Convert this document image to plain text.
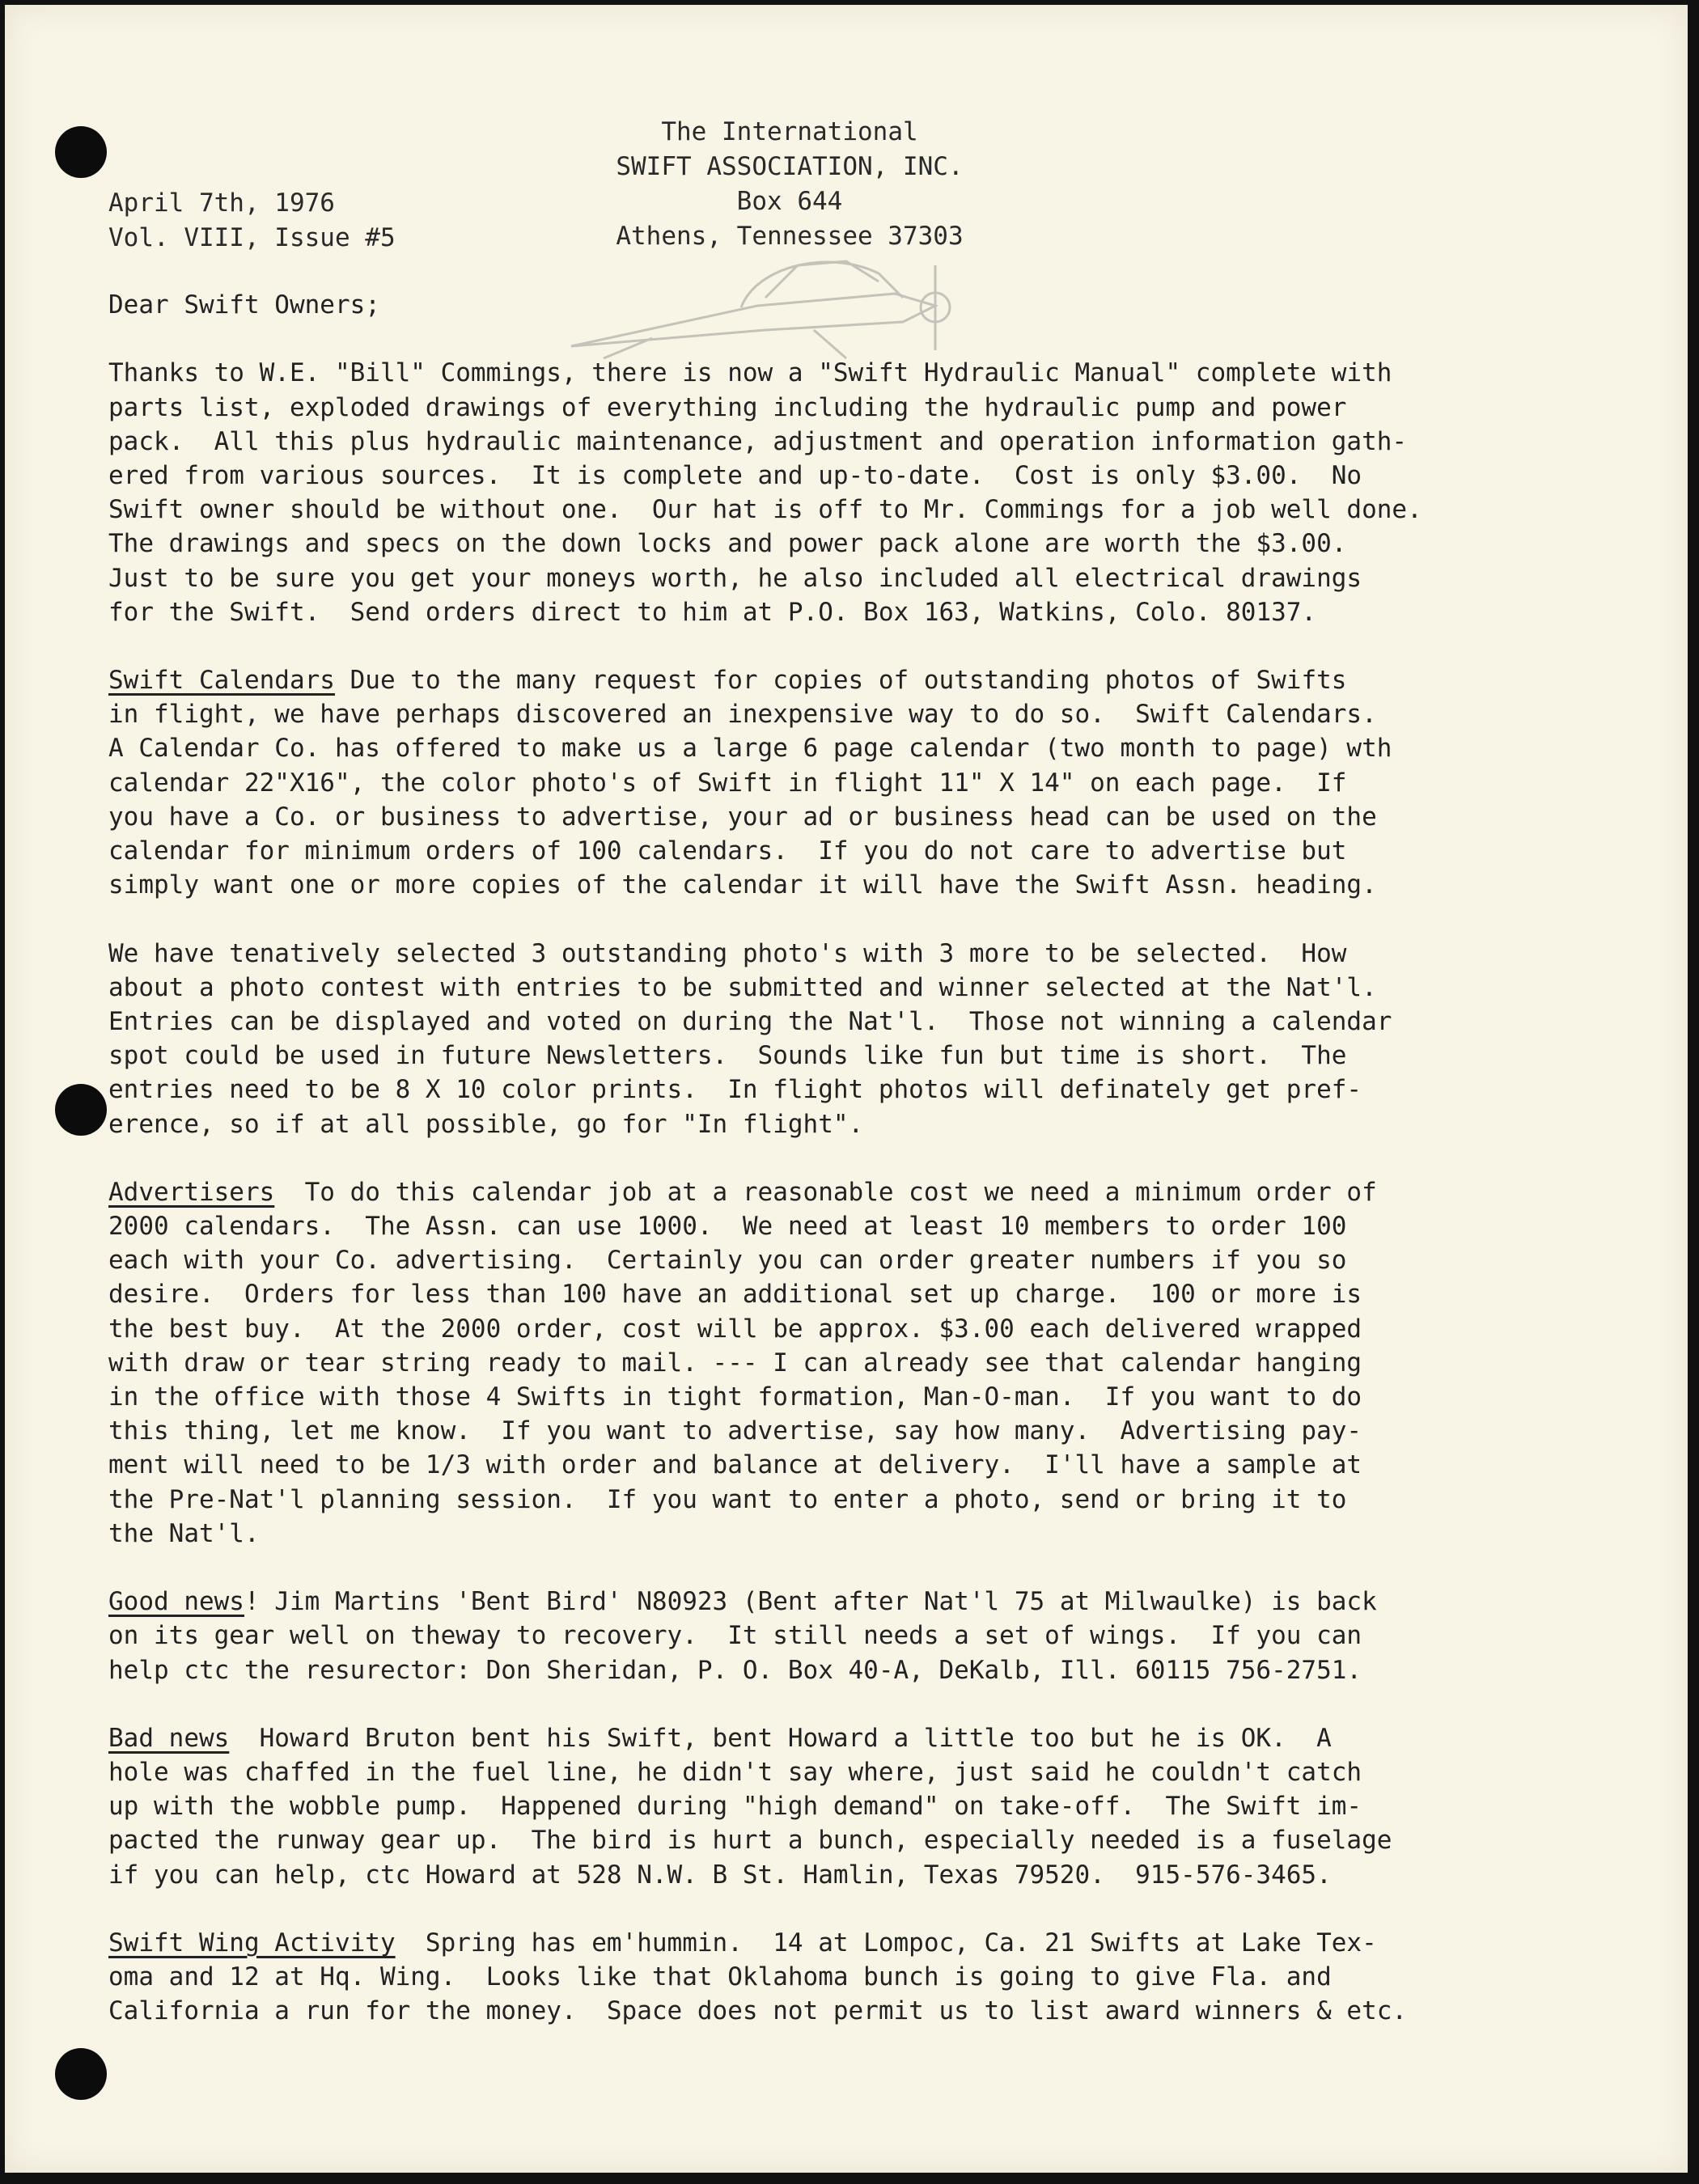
The International
SWIFT ASSOCIATION, INC.
Box 644
Athens, Tennessee 37303
April 7th, 1976
Vol. VIII, Issue #5
Dear Swift Owners;
Thanks to W.E. "Bill" Commings, there is now a "Swift Hydraulic Manual" complete with
parts list, exploded drawings of everything including the hydraulic pump and power
pack.  All this plus hydraulic maintenance, adjustment and operation information gath-
ered from various sources.  It is complete and up-to-date.  Cost is only $3.00.  No
Swift owner should be without one.  Our hat is off to Mr. Commings for a job well done.
The drawings and specs on the down locks and power pack alone are worth the $3.00.
Just to be sure you get your moneys worth, he also included all electrical drawings
for the Swift.  Send orders direct to him at P.O. Box 163, Watkins, Colo. 80137.
Swift Calendars Due to the many request for copies of outstanding photos of Swifts
in flight, we have perhaps discovered an inexpensive way to do so.  Swift Calendars.
A Calendar Co. has offered to make us a large 6 page calendar (two month to page) wth
calendar 22"X16", the color photo's of Swift in flight 11" X 14" on each page.  If
you have a Co. or business to advertise, your ad or business head can be used on the
calendar for minimum orders of 100 calendars.  If you do not care to advertise but
simply want one or more copies of the calendar it will have the Swift Assn. heading.
We have tenatively selected 3 outstanding photo's with 3 more to be selected.  How
about a photo contest with entries to be submitted and winner selected at the Nat'l.
Entries can be displayed and voted on during the Nat'l.  Those not winning a calendar
spot could be used in future Newsletters.  Sounds like fun but time is short.  The
entries need to be 8 X 10 color prints.  In flight photos will definately get pref-
erence, so if at all possible, go for "In flight".
Advertisers  To do this calendar job at a reasonable cost we need a minimum order of
2000 calendars.  The Assn. can use 1000.  We need at least 10 members to order 100
each with your Co. advertising.  Certainly you can order greater numbers if you so
desire.  Orders for less than 100 have an additional set up charge.  100 or more is
the best buy.  At the 2000 order, cost will be approx. $3.00 each delivered wrapped
with draw or tear string ready to mail. --- I can already see that calendar hanging
in the office with those 4 Swifts in tight formation, Man-O-man.  If you want to do
this thing, let me know.  If you want to advertise, say how many.  Advertising pay-
ment will need to be 1/3 with order and balance at delivery.  I'll have a sample at
the Pre-Nat'l planning session.  If you want to enter a photo, send or bring it to
the Nat'l.
Good news! Jim Martins 'Bent Bird' N80923 (Bent after Nat'l 75 at Milwaulke) is back
on its gear well on theway to recovery.  It still needs a set of wings.  If you can
help ctc the resurector: Don Sheridan, P. O. Box 40-A, DeKalb, Ill. 60115 756-2751.
Bad news  Howard Bruton bent his Swift, bent Howard a little too but he is OK.  A
hole was chaffed in the fuel line, he didn't say where, just said he couldn't catch
up with the wobble pump.  Happened during "high demand" on take-off.  The Swift im-
pacted the runway gear up.  The bird is hurt a bunch, especially needed is a fuselage
if you can help, ctc Howard at 528 N.W. B St. Hamlin, Texas 79520.  915-576-3465.
Swift Wing Activity  Spring has em'hummin.  14 at Lompoc, Ca. 21 Swifts at Lake Tex-
oma and 12 at Hq. Wing.  Looks like that Oklahoma bunch is going to give Fla. and
California a run for the money.  Space does not permit us to list award winners & etc.
